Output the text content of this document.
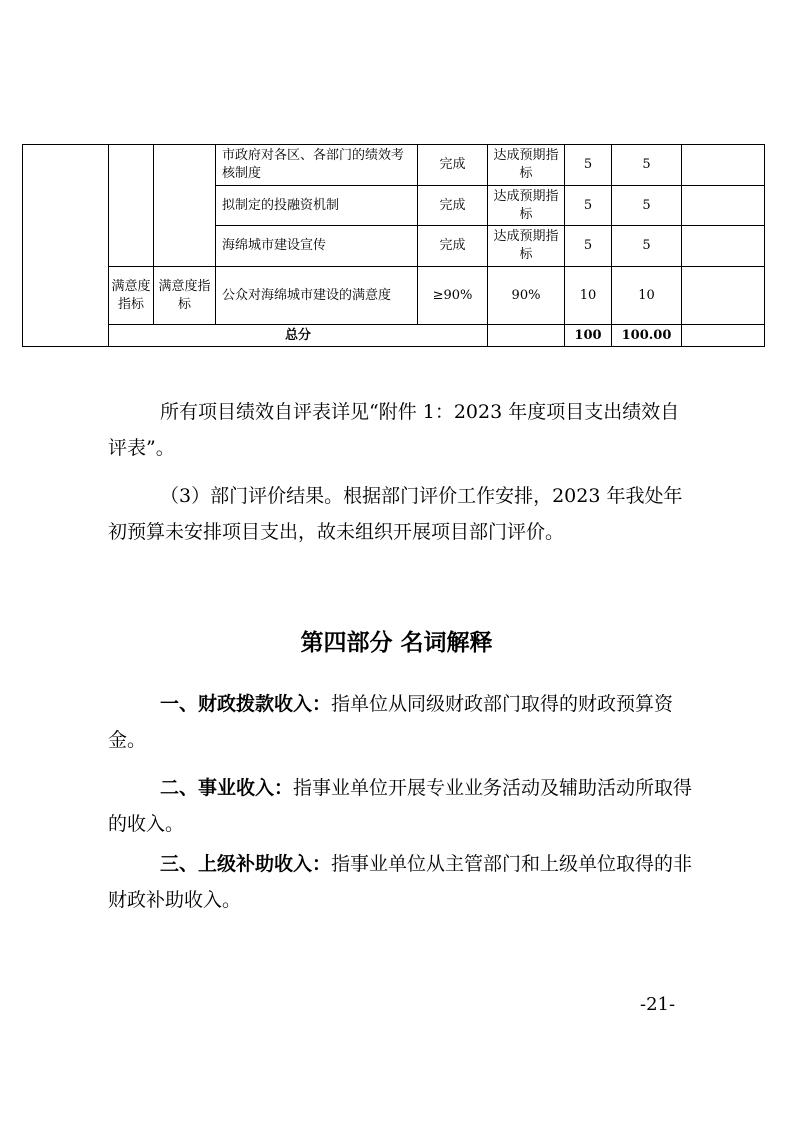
			市政府对各区、各部门的绩效考核制度	完成	达成预期指标	5	5	
			拟制定的投融资机制	完成	达成预期指标	5	5	
			海绵城市建设宣传	完成	达成预期指标	5	5	
	满意度指标	满意度指标	公众对海绵城市建设的满意度	≥90%	90%	10	10	
	总分					100	100.00	

所有项目绩效自评表详见“附件 1：2023 年度项目支出绩效自评表”。

（3）部门评价结果。根据部门评价工作安排，2023 年我处年初预算未安排项目支出，故未组织开展项目部门评价。

第四部分 名词解释

一、财政拨款收入：指单位从同级财政部门取得的财政预算资金。

二、事业收入：指事业单位开展专业业务活动及辅助活动所取得的收入。

三、上级补助收入：指事业单位从主管部门和上级单位取得的非财政补助收入。

-21-
